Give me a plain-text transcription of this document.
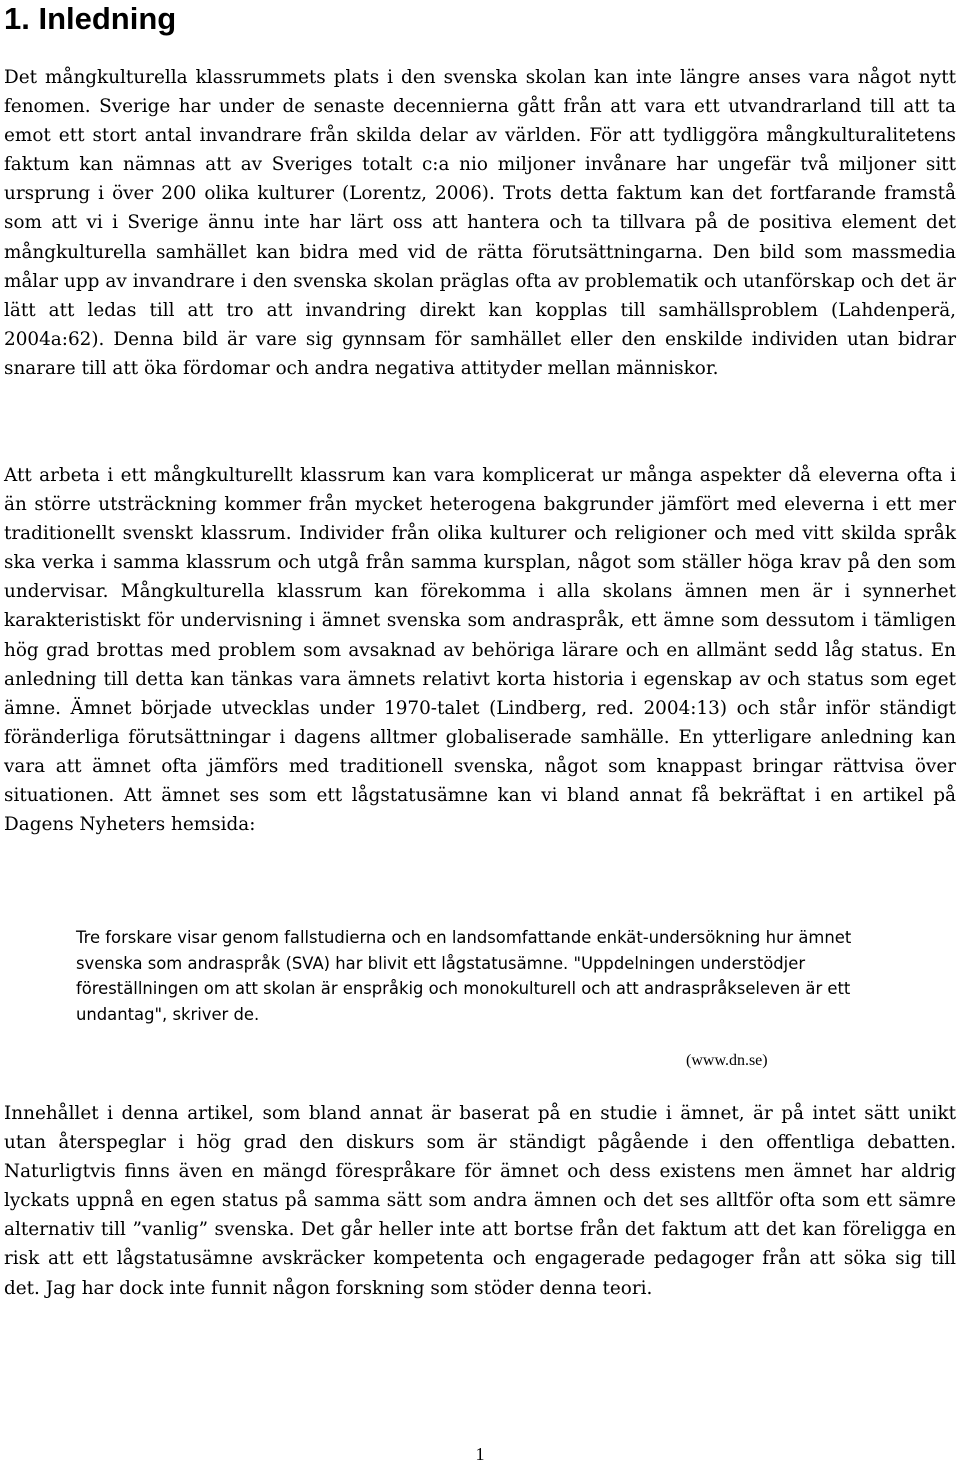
1. Inledning

Det mångkulturella klassrummets plats i den svenska skolan kan inte längre anses vara något nytt fenomen. Sverige har under de senaste decennierna gått från att vara ett utvandrarland till att ta emot ett stort antal invandrare från skilda delar av världen. För att tydliggöra mångkulturalitetens faktum kan nämnas att av Sveriges totalt c:a nio miljoner invånare har ungefär två miljoner sitt ursprung i över 200 olika kulturer (Lorentz, 2006). Trots detta faktum kan det fortfarande framstå som att vi i Sverige ännu inte har lärt oss att hantera och ta tillvara på de positiva element det mångkulturella samhället kan bidra med vid de rätta förutsättningarna. Den bild som massmedia målar upp av invandrare i den svenska skolan präglas ofta av problematik och utanförskap och det är lätt att ledas till att tro att invandring direkt kan kopplas till samhällsproblem (Lahdenperä, 2004a:62). Denna bild är vare sig gynnsam för samhället eller den enskilde individen utan bidrar snarare till att öka fördomar och andra negativa attityder mellan människor.

Att arbeta i ett mångkulturellt klassrum kan vara komplicerat ur många aspekter då eleverna ofta i än större utsträckning kommer från mycket heterogena bakgrunder jämfört med eleverna i ett mer traditionellt svenskt klassrum. Individer från olika kulturer och religioner och med vitt skilda språk ska verka i samma klassrum och utgå från samma kursplan, något som ställer höga krav på den som undervisar. Mångkulturella klassrum kan förekomma i alla skolans ämnen men är i synnerhet karakteristiskt för undervisning i ämnet svenska som andraspråk, ett ämne som dessutom i tämligen hög grad brottas med problem som avsaknad av behöriga lärare och en allmänt sedd låg status. En anledning till detta kan tänkas vara ämnets relativt korta historia i egenskap av och status som eget ämne. Ämnet började utvecklas under 1970-talet (Lindberg, red. 2004:13) och står inför ständigt föränderliga förutsättningar i dagens alltmer globaliserade samhälle. En ytterligare anledning kan vara att ämnet ofta jämförs med traditionell svenska, något som knappast bringar rättvisa över situationen. Att ämnet ses som ett lågstatusämne kan vi bland annat få bekräftat i en artikel på Dagens Nyheters hemsida:

Tre forskare visar genom fallstudierna och en landsomfattande enkät-undersökning hur ämnet svenska som andraspråk (SVA) har blivit ett lågstatusämne. "Uppdelningen understödjer föreställningen om att skolan är enspråkig och monokulturell och att andraspråkseleven är ett undantag", skriver de.

(www.dn.se)

Innehållet i denna artikel, som bland annat är baserat på en studie i ämnet, är på intet sätt unikt utan återspeglar i hög grad den diskurs som är ständigt pågående i den offentliga debatten. Naturligtvis finns även en mängd förespråkare för ämnet och dess existens men ämnet har aldrig lyckats uppnå en egen status på samma sätt som andra ämnen och det ses alltför ofta som ett sämre alternativ till ”vanlig” svenska. Det går heller inte att bortse från det faktum att det kan föreligga en risk att ett lågstatusämne avskräcker kompetenta och engagerade pedagoger från att söka sig till det. Jag har dock inte funnit någon forskning som stöder denna teori.

1
